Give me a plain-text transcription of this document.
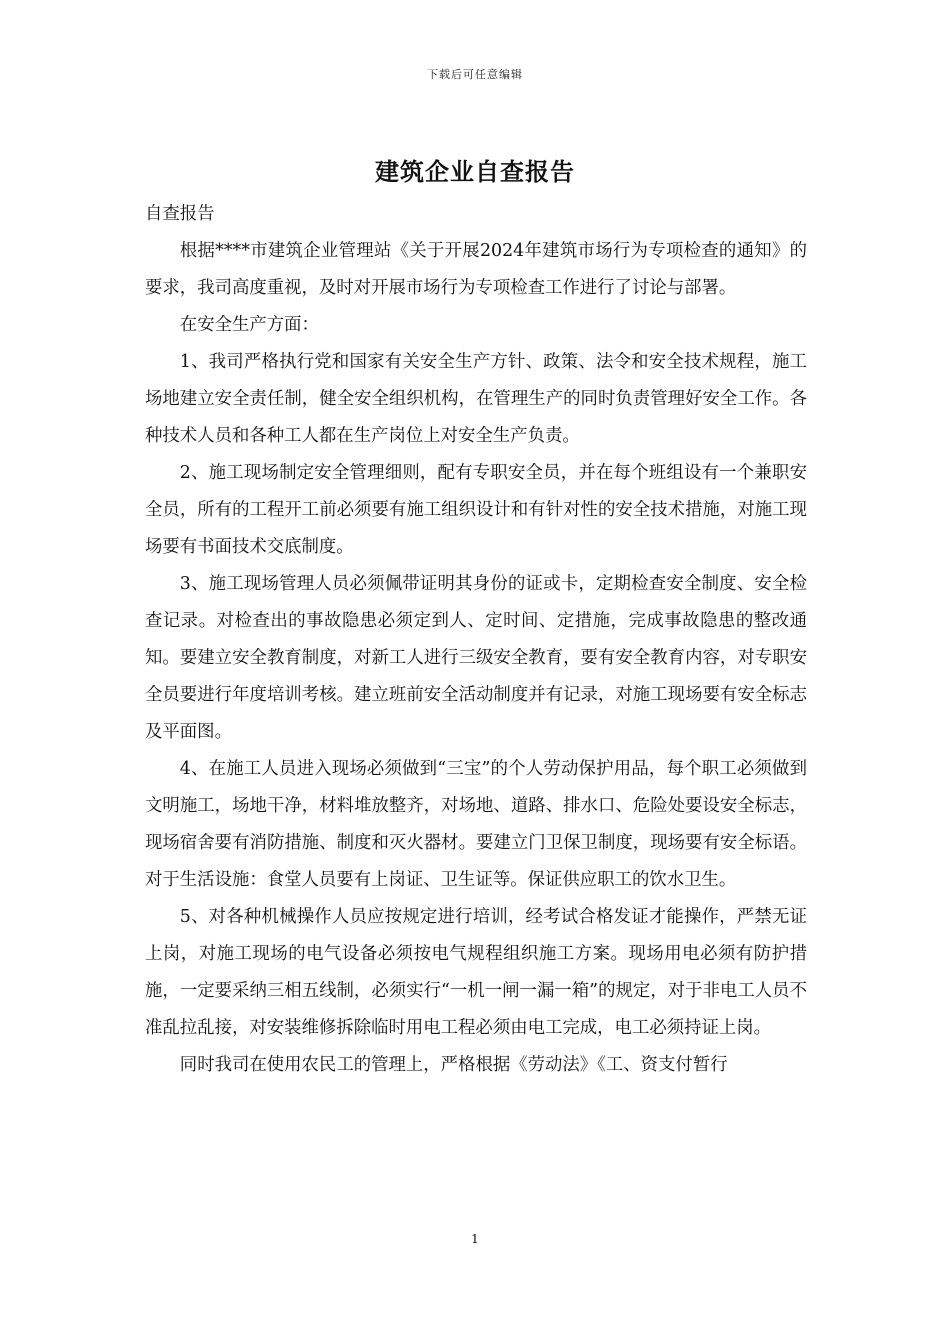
下载后可任意编辑
建筑企业自查报告

自查报告

根据****市建筑企业管理站《关于开展2024年建筑市场行为专项检查的通知》的要求，我司高度重视，及时对开展市场行为专项检查工作进行了讨论与部署。

在安全生产方面：

1、我司严格执行党和国家有关安全生产方针、政策、法令和安全技术规程，施工场地建立安全责任制，健全安全组织机构，在管理生产的同时负责管理好安全工作。各种技术人员和各种工人都在生产岗位上对安全生产负责。

2、施工现场制定安全管理细则，配有专职安全员，并在每个班组设有一个兼职安全员，所有的工程开工前必须要有施工组织设计和有针对性的安全技术措施，对施工现场要有书面技术交底制度。

3、施工现场管理人员必须佩带证明其身份的证或卡，定期检查安全制度、安全检查记录。对检查出的事故隐患必须定到人、定时间、定措施，完成事故隐患的整改通知。要建立安全教育制度，对新工人进行三级安全教育，要有安全教育内容，对专职安全员要进行年度培训考核。建立班前安全活动制度并有记录，对施工现场要有安全标志及平面图。

4、在施工人员进入现场必须做到“三宝”的个人劳动保护用品，每个职工必须做到文明施工，场地干净，材料堆放整齐，对场地、道路、排水口、危险处要设安全标志，现场宿舍要有消防措施、制度和灭火器材。要建立门卫保卫制度，现场要有安全标语。对于生活设施：食堂人员要有上岗证、卫生证等。保证供应职工的饮水卫生。

5、对各种机械操作人员应按规定进行培训，经考试合格发证才能操作，严禁无证上岗，对施工现场的电气设备必须按电气规程组织施工方案。现场用电必须有防护措施，一定要采纳三相五线制，必须实行“一机一闸一漏一箱”的规定，对于非电工人员不准乱拉乱接，对安装维修拆除临时用电工程必须由电工完成，电工必须持证上岗。

同时我司在使用农民工的管理上，严格根据《劳动法》《工、资支付暂行

1
